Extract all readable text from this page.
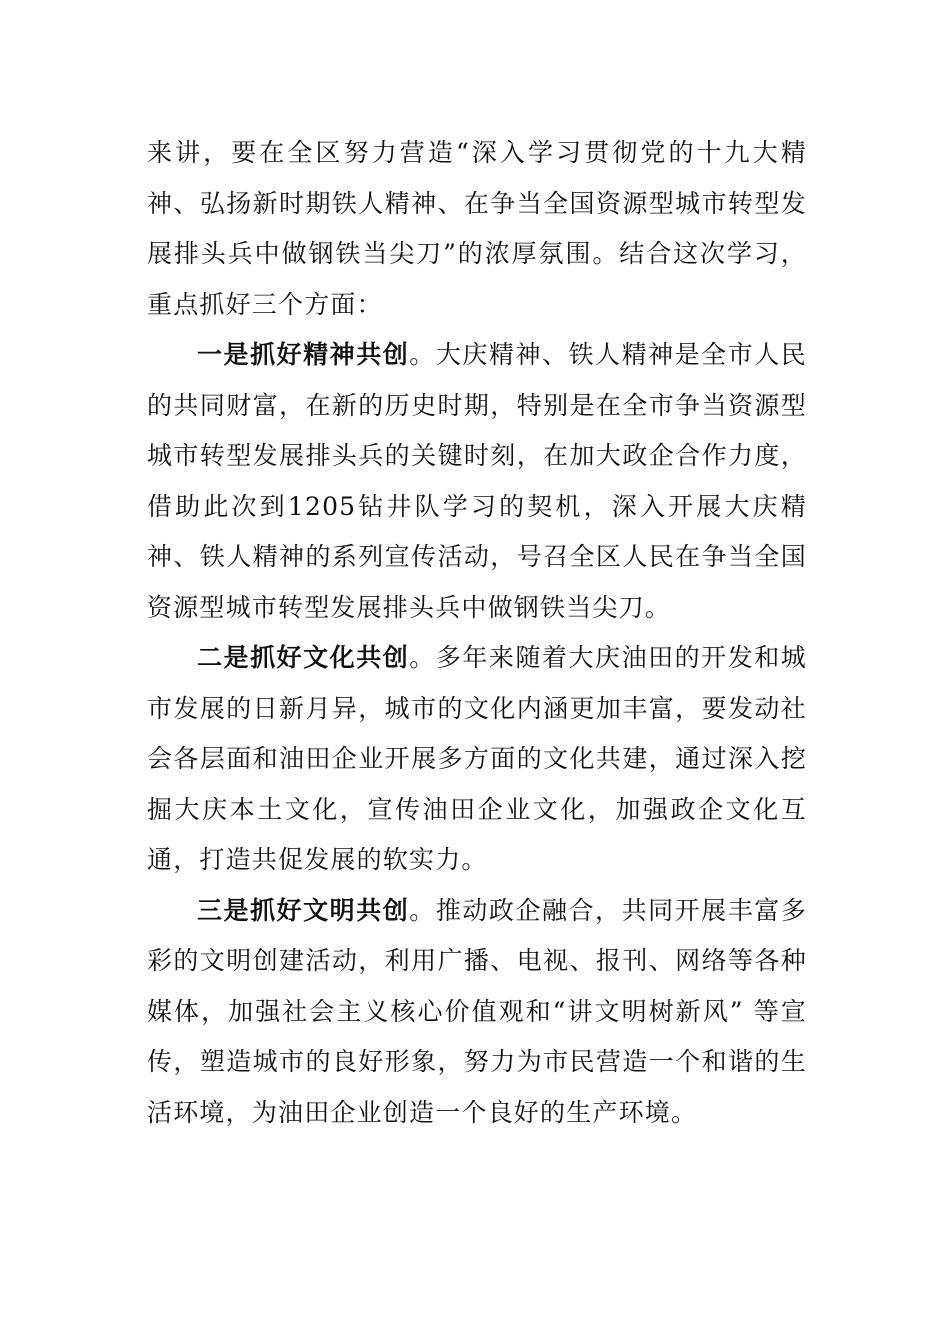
来讲，要在全区努力营造“深入学习贯彻党的十九大精神、弘扬新时期铁人精神、在争当全国资源型城市转型发展排头兵中做钢铁当尖刀”的浓厚氛围。结合这次学习，重点抓好三个方面：

一是抓好精神共创。大庆精神、铁人精神是全市人民的共同财富，在新的历史时期，特别是在全市争当资源型城市转型发展排头兵的关键时刻，在加大政企合作力度，借助此次到1205钻井队学习的契机，深入开展大庆精神、铁人精神的系列宣传活动，号召全区人民在争当全国资源型城市转型发展排头兵中做钢铁当尖刀。

二是抓好文化共创。多年来随着大庆油田的开发和城市发展的日新月异，城市的文化内涵更加丰富，要发动社会各层面和油田企业开展多方面的文化共建，通过深入挖掘大庆本土文化，宣传油田企业文化，加强政企文化互通，打造共促发展的软实力。

三是抓好文明共创。推动政企融合，共同开展丰富多彩的文明创建活动，利用广播、电视、报刊、网络等各种媒体，加强社会主义核心价值观和“讲文明树新风” 等宣传，塑造城市的良好形象，努力为市民营造一个和谐的生活环境，为油田企业创造一个良好的生产环境。
